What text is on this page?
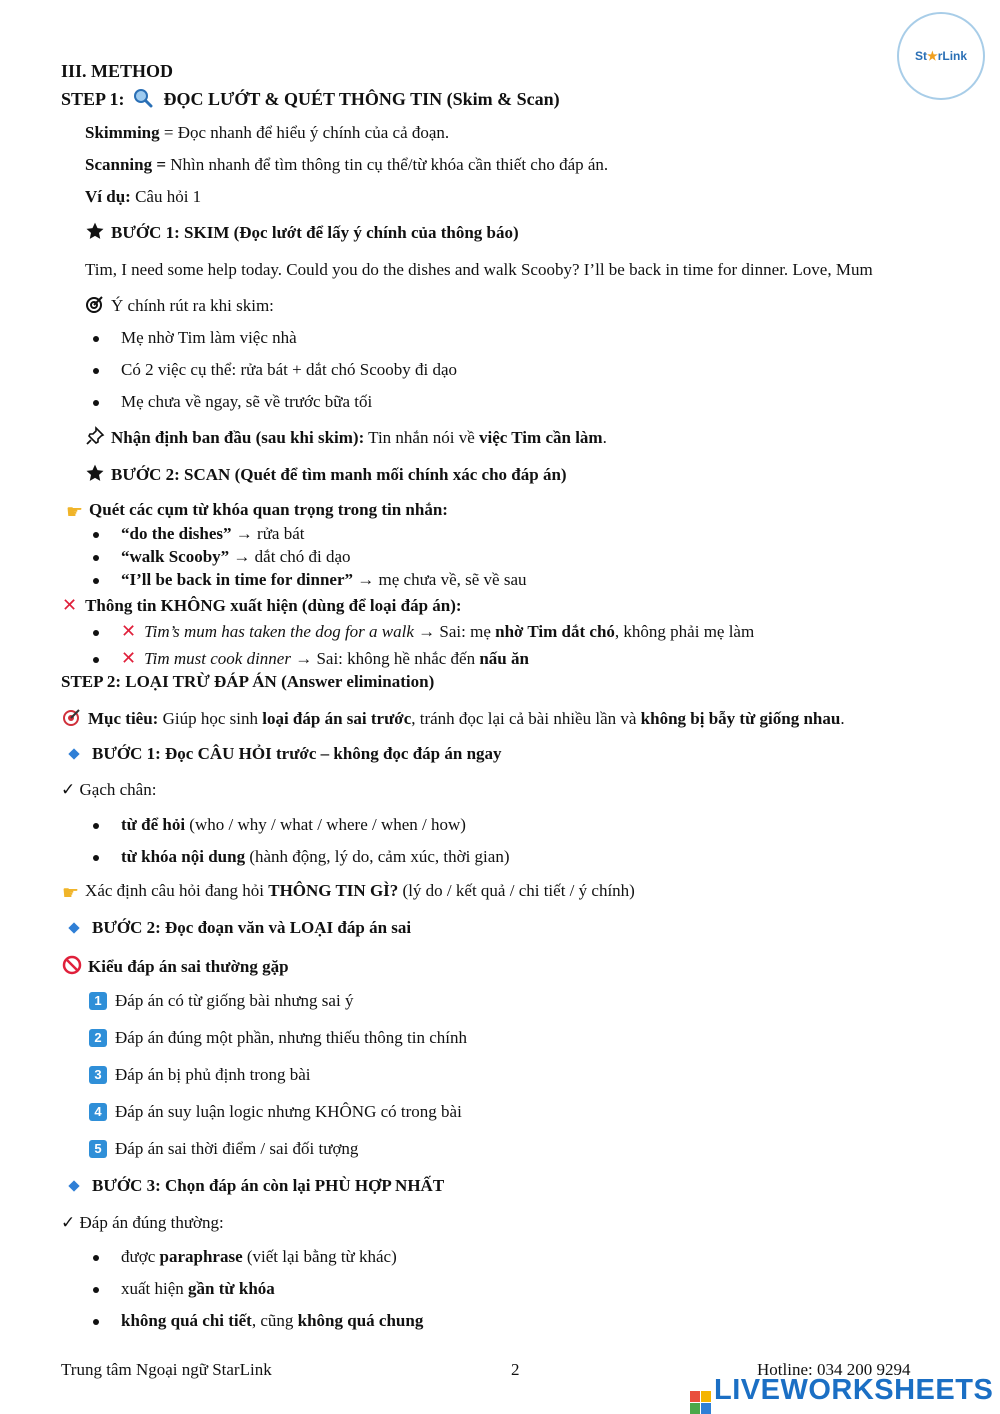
St ★ rLink
III. METHOD
STEP 1: ĐỌC LƯỚT & QUÉT THÔNG TIN (Skim & Scan)
Skimming = Đọc nhanh để hiểu ý chính của cả đoạn.
Scanning = Nhìn nhanh để tìm thông tin cụ thể/từ khóa cần thiết cho đáp án.
Ví dụ: Câu hỏi 1
BƯỚC 1: SKIM (Đọc lướt để lấy ý chính của thông báo)
Tim, I need some help today. Could you do the dishes and walk Scooby? I’ll be back in time for dinner. Love, Mum
Ý chính rút ra khi skim:
Mẹ nhờ Tim làm việc nhà
Có 2 việc cụ thể: rửa bát + dắt chó Scooby đi dạo
Mẹ chưa về ngay, sẽ về trước bữa tối
Nhận định ban đầu (sau khi skim): Tin nhắn nói về việc Tim cần làm.
BƯỚC 2: SCAN (Quét để tìm manh mối chính xác cho đáp án)
☛ Quét các cụm từ khóa quan trọng trong tin nhắn:
“do the dishes” → rửa bát
“walk Scooby” → dắt chó đi dạo
“I’ll be back in time for dinner” → mẹ chưa về, sẽ về sau
✕ Thông tin KHÔNG xuất hiện (dùng để loại đáp án):
✕ Tim’s mum has taken the dog for a walk → Sai: mẹ nhờ Tim dắt chó, không phải mẹ làm
✕ Tim must cook dinner → Sai: không hề nhắc đến nấu ăn
STEP 2: LOẠI TRỪ ĐÁP ÁN (Answer elimination)
Mục tiêu: Giúp học sinh loại đáp án sai trước, tránh đọc lại cả bài nhiều lần và không bị bẫy từ giống nhau.
BƯỚC 1: Đọc CÂU HỎI trước – không đọc đáp án ngay
✓ Gạch chân:
từ để hỏi (who / why / what / where / when / how)
từ khóa nội dung (hành động, lý do, cảm xúc, thời gian)
☛ Xác định câu hỏi đang hỏi THÔNG TIN GÌ? (lý do / kết quả / chi tiết / ý chính)
BƯỚC 2: Đọc đoạn văn và LOẠI đáp án sai
Kiểu đáp án sai thường gặp
1 Đáp án có từ giống bài nhưng sai ý
2 Đáp án đúng một phần, nhưng thiếu thông tin chính
3 Đáp án bị phủ định trong bài
4 Đáp án suy luận logic nhưng KHÔNG có trong bài
5 Đáp án sai thời điểm / sai đối tượng
BƯỚC 3: Chọn đáp án còn lại PHÙ HỢP NHẤT
✓ Đáp án đúng thường:
được paraphrase (viết lại bằng từ khác)
xuất hiện gần từ khóa
không quá chi tiết, cũng không quá chung
Trung tâm Ngoại ngữ StarLink	2	Hotline: 034 200 9294
LIVEWORKSHEETS
